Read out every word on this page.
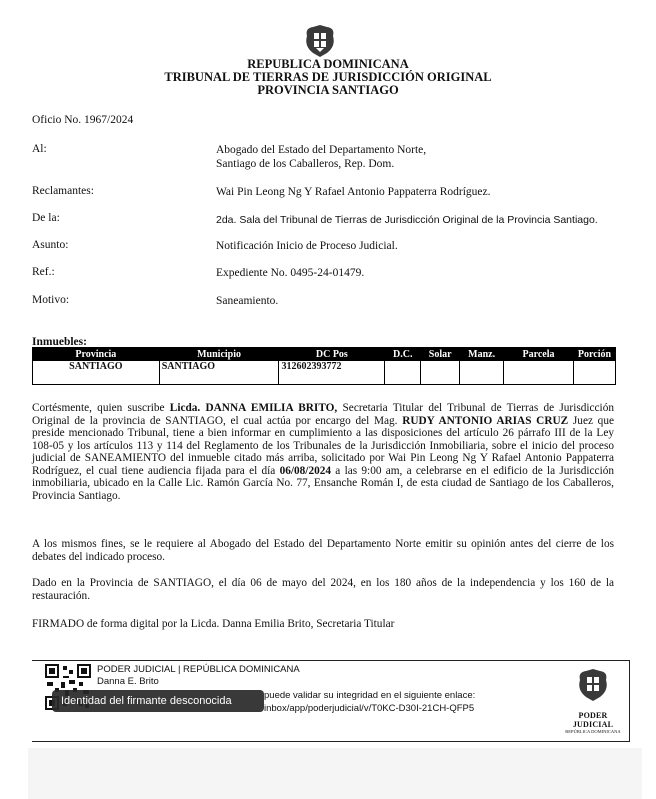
REPUBLICA DOMINICANA
TRIBUNAL DE TIERRAS DE JURISDICCIÓN ORIGINAL
PROVINCIA SANTIAGO
Oficio No. 1967/2024
Al:	Abogado del Estado del Departamento Norte,
Santiago de los Caballeros, Rep. Dom.
Reclamantes:	Wai Pin Leong Ng Y Rafael Antonio Pappaterra Rodríguez.
De la:	2da. Sala del Tribunal de Tierras de Jurisdicción Original de la Provincia Santiago.
Asunto:	Notificación Inicio de Proceso Judicial.
Ref.:	Expediente No. 0495-24-01479.
Motivo:	Saneamiento.
Inmuebles:
Provincia	Municipio	DC Pos	D.C.	Solar	Manz.	Parcela	Porción
SANTIAGO	SANTIAGO	312602393772					
Cortésmente, quien suscribe Licda. DANNA EMILIA BRITO, Secretaria Titular del Tribunal de Tierras de Jurisdicción Original de la provincia de SANTIAGO, el cual actúa por encargo del Mag. RUDY ANTONIO ARIAS CRUZ Juez que preside mencionado Tribunal, tiene a bien informar en cumplimiento a las disposiciones del artículo 26 párrafo III de la Ley 108-05 y los artículos 113 y 114 del Reglamento de los Tribunales de la Jurisdicción Inmobiliaria, sobre el inicio del proceso judicial de SANEAMIENTO del inmueble citado más arriba, solicitado por Wai Pin Leong Ng Y Rafael Antonio Pappaterra Rodríguez, el cual tiene audiencia fijada para el día 06/08/2024 a las 9:00 am, a celebrarse en el edificio de la Jurisdicción inmobiliaria, ubicado en la Calle Lic. Ramón García No. 77, Ensanche Román I, de esta ciudad de Santiago de los Caballeros, Provincia Santiago.
A los mismos fines, se le requiere al Abogado del Estado del Departamento Norte emitir su opinión antes del cierre de los debates del indicado proceso.
Dado en la Provincia de SANTIAGO, el día 06 de mayo del 2024, en los 180 años de la independencia y los 160 de la restauración.
FIRMADO de forma digital por la Licda. Danna Emilia Brito, Secretaria Titular
PODER JUDICIAL | REPÚBLICA DOMINICANA
Danna E. Brito
puede validar su integridad en el siguiente enlace:
inbox/app/poderjudicial/v/T0KC-D30I-21CH-QFP5
Identidad del firmante desconocida
PODER JUDICIAL
REPÚBLICA DOMINICANA
